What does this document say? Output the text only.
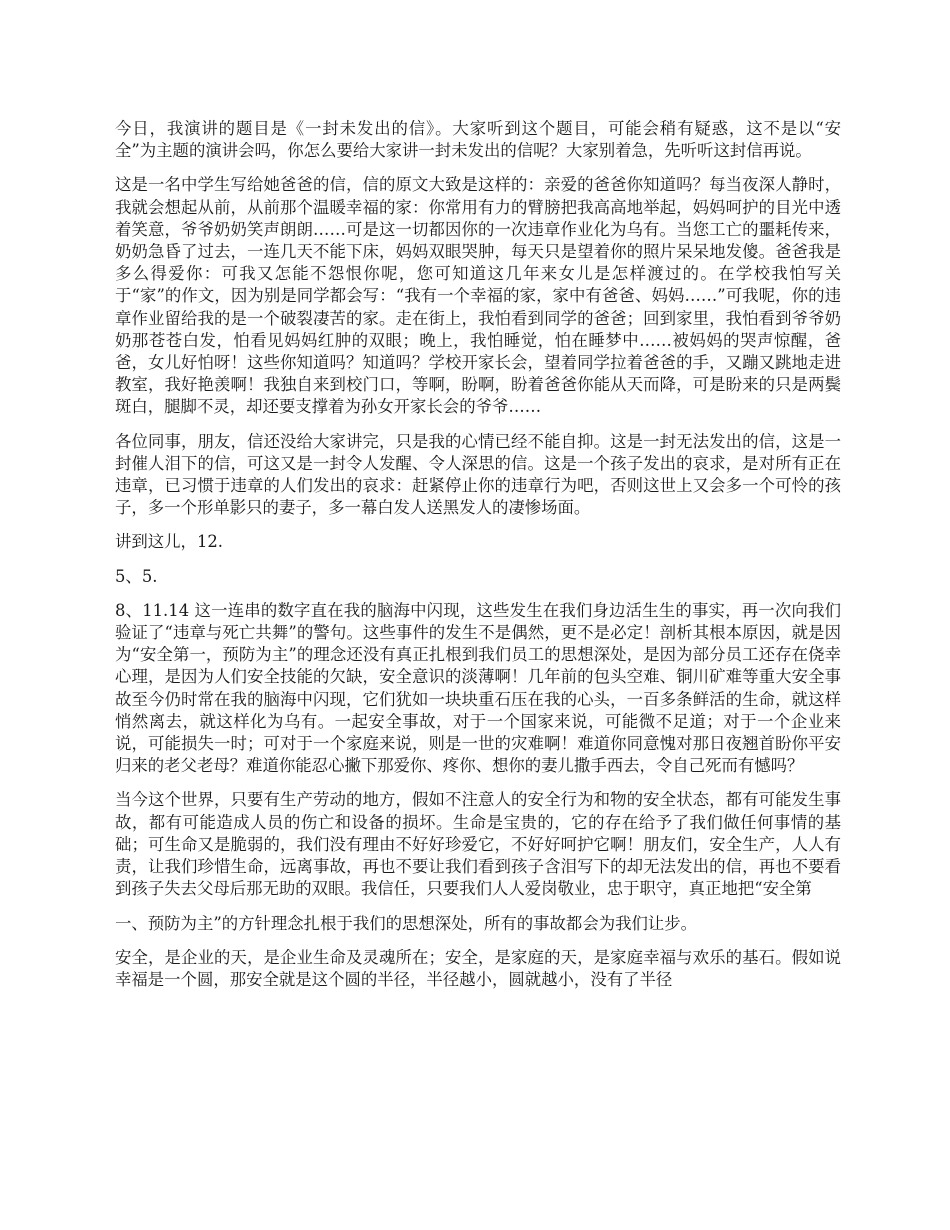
今日，我演讲的题目是《一封未发出的信》。大家听到这个题目，可能会稍有疑惑，这不是以“安全”为主题的演讲会吗，你怎么要给大家讲一封未发出的信呢？大家别着急，先听听这封信再说。

这是一名中学生写给她爸爸的信，信的原文大致是这样的：亲爱的爸爸你知道吗？每当夜深人静时，我就会想起从前，从前那个温暖幸福的家：你常用有力的臂膀把我高高地举起，妈妈呵护的目光中透着笑意，爷爷奶奶笑声朗朗……可是这一切都因你的一次违章作业化为乌有。当您工亡的噩耗传来，奶奶急昏了过去，一连几天不能下床，妈妈双眼哭肿，每天只是望着你的照片呆呆地发傻。爸爸我是多么得爱你：可我又怎能不怨恨你呢，您可知道这几年来女儿是怎样渡过的。在学校我怕写关于“家”的作文，因为别是同学都会写：“我有一个幸福的家，家中有爸爸、妈妈……”可我呢，你的违章作业留给我的是一个破裂凄苦的家。走在街上，我怕看到同学的爸爸；回到家里，我怕看到爷爷奶奶那苍苍白发，怕看见妈妈红肿的双眼；晚上，我怕睡觉，怕在睡梦中……被妈妈的哭声惊醒，爸爸，女儿好怕呀！这些你知道吗？知道吗？学校开家长会，望着同学拉着爸爸的手，又蹦又跳地走进教室，我好艳羡啊！我独自来到校门口，等啊，盼啊，盼着爸爸你能从天而降，可是盼来的只是两鬓斑白，腿脚不灵，却还要支撑着为孙女开家长会的爷爷……

各位同事，朋友，信还没给大家讲完，只是我的心情已经不能自抑。这是一封无法发出的信，这是一封催人泪下的信，可这又是一封令人发醒、令人深思的信。这是一个孩子发出的哀求，是对所有正在违章，已习惯于违章的人们发出的哀求：赶紧停止你的违章行为吧，否则这世上又会多一个可怜的孩子，多一个形单影只的妻子，多一幕白发人送黑发人的凄惨场面。

讲到这儿，12.

5、5.

8、11.14 这一连串的数字直在我的脑海中闪现，这些发生在我们身边活生生的事实，再一次向我们验证了“违章与死亡共舞”的警句。这些事件的发生不是偶然，更不是必定！剖析其根本原因，就是因为“安全第一，预防为主”的理念还没有真正扎根到我们员工的思想深处，是因为部分员工还存在侥幸心理，是因为人们安全技能的欠缺，安全意识的淡薄啊！几年前的包头空难、铜川矿难等重大安全事故至今仍时常在我的脑海中闪现，它们犹如一块块重石压在我的心头，一百多条鲜活的生命，就这样悄然离去，就这样化为乌有。一起安全事故，对于一个国家来说，可能微不足道；对于一个企业来说，可能损失一时；可对于一个家庭来说，则是一世的灾难啊！难道你同意愧对那日夜翘首盼你平安归来的老父老母？难道你能忍心撇下那爱你、疼你、想你的妻儿撒手西去，令自己死而有憾吗？

当今这个世界，只要有生产劳动的地方，假如不注意人的安全行为和物的安全状态，都有可能发生事故，都有可能造成人员的伤亡和设备的损坏。生命是宝贵的，它的存在给予了我们做任何事情的基础；可生命又是脆弱的，我们没有理由不好好珍爱它，不好好呵护它啊！朋友们，安全生产，人人有责，让我们珍惜生命，远离事故，再也不要让我们看到孩子含泪写下的却无法发出的信，再也不要看到孩子失去父母后那无助的双眼。我信任，只要我们人人爱岗敬业，忠于职守，真正地把“安全第

一、预防为主”的方针理念扎根于我们的思想深处，所有的事故都会为我们让步。

安全，是企业的天，是企业生命及灵魂所在；安全，是家庭的天，是家庭幸福与欢乐的基石。假如说幸福是一个圆，那安全就是这个圆的半径，半径越小，圆就越小，没有了半径
